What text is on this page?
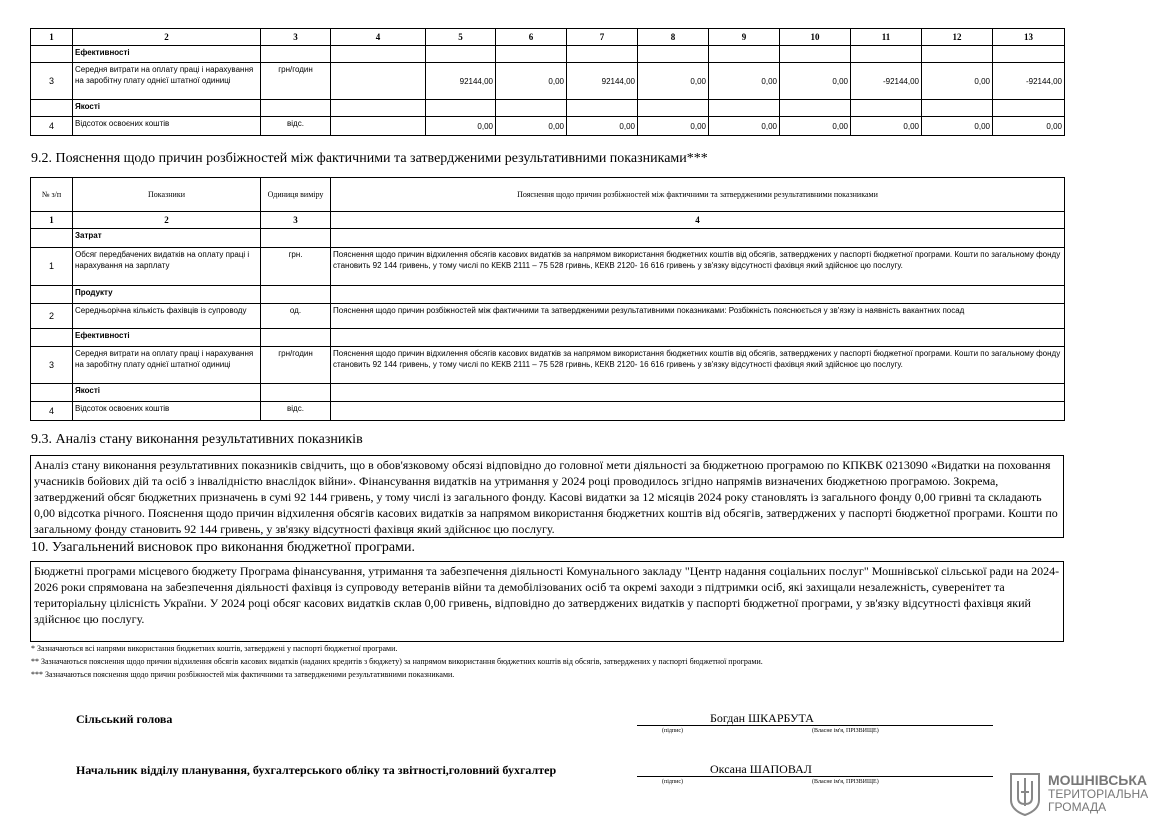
1	2	3	4	5	6	7	8	9	10	11	12	13
	Ефективності											
3	Середня витрати на оплату праці і нарахування на заробітну плату однієї штатної одиниці	грн/годин		92144,00	0,00	92144,00	0,00	0,00	0,00	-92144,00	0,00	-92144,00
	Якості											
4	Відсоток освоєних коштів	відс.		0,00	0,00	0,00	0,00	0,00	0,00	0,00	0,00	0,00
9.2. Пояснення щодо причин розбіжностей між фактичними та затвердженими результативними показниками***
№ з/п	Показники	Одиниця виміру	Пояснення щодо причин розбіжностей між фактичними та затвердженими результативними показниками
1	2	3	4
	Затрат		
1	Обсяг передбачених видатків на оплату праці і нарахування на зарплату	грн.	Пояснення щодо причин відхилення обсягів касових видатків за напрямом використання бюджетних коштів від обсягів, затверджених у паспорті бюджетної програми. Кошти по загальному фонду становить 92 144 гривень, у тому числі по КЕКВ 2111 – 75 528 гривнь, КЕКВ 2120- 16 616 гривень у зв'язку відсутності фахівця який здійснює цю послугу.
	Продукту		
2	Середньорічна кількість фахівців із супроводу	од.	Пояснення щодо причин розбіжностей між фактичними та затвердженими результативними показниками: Розбіжність пояснюється у зв'язку із наявність вакантних посад
	Ефективності		
3	Середня витрати на оплату праці і нарахування на заробітну плату однієї штатної одиниці	грн/годин	Пояснення щодо причин відхилення обсягів касових видатків за напрямом використання бюджетних коштів від обсягів, затверджених у паспорті бюджетної програми. Кошти по загальному фонду становить 92 144 гривень, у тому числі по КЕКВ 2111 – 75 528 гривнь, КЕКВ 2120- 16 616 гривень у зв'язку відсутності фахівця який здійснює цю послугу.
	Якості		
4	Відсоток освоєних коштів	відс.	
9.3. Аналіз стану виконання результативних показників
Аналіз стану виконання результативних показників свідчить, що в обов'язковому обсязі відповідно до головної мети діяльності за бюджетною програмою по КПКВК 0213090 «Видатки на поховання учасників бойових дій та осіб з інвалідністю внаслідок війни». Фінансування видатків на утримання у 2024 році проводилось згідно напрямів визначених бюджетною програмою. Зокрема, затверджений обсяг бюджетних призначень в сумі 92 144 гривень, у тому числі із загального фонду. Касові видатки за 12 місяців 2024 року становлять із загального фонду 0,00 гривні та складають 0,00 відсотка річного. Пояснення щодо причин відхилення обсягів касових видатків за напрямом використання бюджетних коштів від обсягів, затверджених у паспорті бюджетної програми. Кошти по загальному фонду становить 92 144 гривень, у зв'язку відсутності фахівця який здійснює цю послугу.
10. Узагальнений висновок про виконання бюджетної програми.
Бюджетні програми місцевого бюджету Програма фінансування, утримання та забезпечення діяльності Комунального закладу "Центр надання соціальних послуг" Мошнівської сільської ради на 2024-2026 роки спрямована на забезпечення діяльності фахівця із супроводу ветеранів війни та демобілізованих осіб та окремі заходи з підтримки осіб, які захищали незалежність, суверенітет та територіальну цілісність України. У 2024 році обсяг касових видатків склав 0,00 гривень, відповідно до затверджених видатків у паспорті бюджетної програми, у зв'язку відсутності фахівця який здійснює цю послугу.
* Зазначаються всі напрями використання бюджетних коштів, затверджені у паспорті бюджетної програми.
** Зазначаються пояснення щодо причин відхилення обсягів касових видатків (наданих кредитів з бюджету) за напрямом використання бюджетних коштів від обсягів, затверджених у паспорті бюджетної програми.
*** Зазначаються пояснення щодо причин розбіжностей між фактичними та затвердженими результативними показниками.
Сільський голова	Богдан ШКАРБУТА
(підпис)	(Власне ім'я, ПРІЗВИЩЕ)
Начальник відділу планування, бухгалтерського обліку та звітності,головний бухгалтер	Оксана ШАПОВАЛ
(підпис)	(Власне ім'я, ПРІЗВИЩЕ)	МОШНІВСЬКА
ТЕРИТОРІАЛЬНА
ГРОМАДА
